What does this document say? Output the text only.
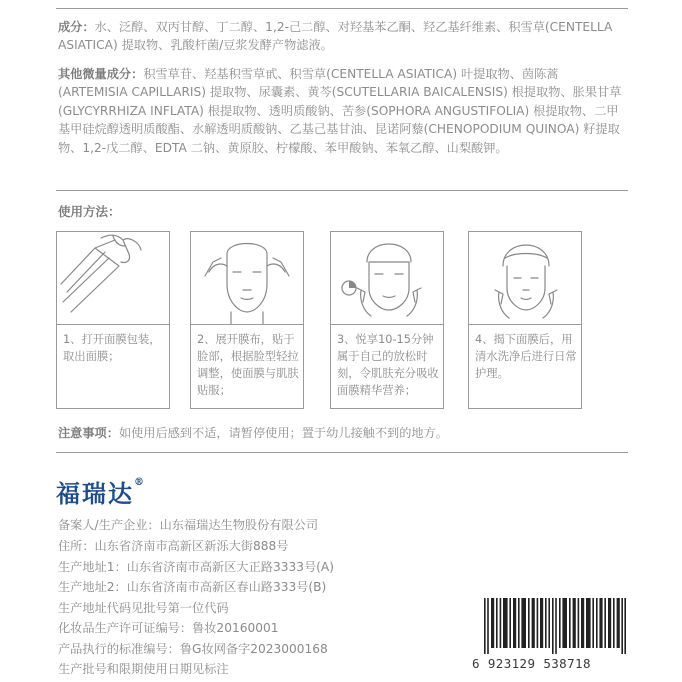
成分：水、泛醇、双丙甘醇、丁二醇、1,2-己二醇、对羟基苯乙酮、羟乙基纤维素、积雪草(CENTELLA ASIATICA) 提取物、乳酸杆菌/豆浆发酵产物滤液。
其他微量成分：积雪草苷、羟基积雪草甙、积雪草(CENTELLA ASIATICA) 叶提取物、茵陈蒿(ARTEMISIA CAPILLARIS) 提取物、尿囊素、黄芩(SCUTELLARIA BAICALENSIS) 根提取物、胀果甘草(GLYCYRRHIZA INFLATA) 根提取物、透明质酸钠、苦参(SOPHORA ANGUSTIFOLIA) 根提取物、二甲基甲硅烷醇透明质酸酯、水解透明质酸钠、乙基己基甘油、昆诺阿藜(CHENOPODIUM QUINOA) 籽提取物、1,2-戊二醇、EDTA 二钠、黄原胶、柠檬酸、苯甲酸钠、苯氧乙醇、山梨酸钾。
使用方法：
1、打开面膜包装，取出面膜；
2、展开膜布，贴于脸部，根据脸型轻拉调整，使面膜与肌肤贴服；
3、悦享10-15分钟属于自己的放松时刻，令肌肤充分吸收面膜精华营养；
4、揭下面膜后，用清水洗净后进行日常护理。
注意事项：如使用后感到不适，请暂停使用；置于幼儿接触不到的地方。
福瑞达®
备案人/生产企业：山东福瑞达生物股份有限公司
住所：山东省济南市高新区新泺大街888号
生产地址1：山东省济南市高新区大正路3333号(A)
生产地址2：山东省济南市高新区春山路333号(B)
生产地址代码见批号第一位代码
化妆品生产许可证编号：鲁妆20160001
产品执行的标准编号：鲁G妆网备字2023000168
生产批号和限期使用日期见标注	6 923129 538718
